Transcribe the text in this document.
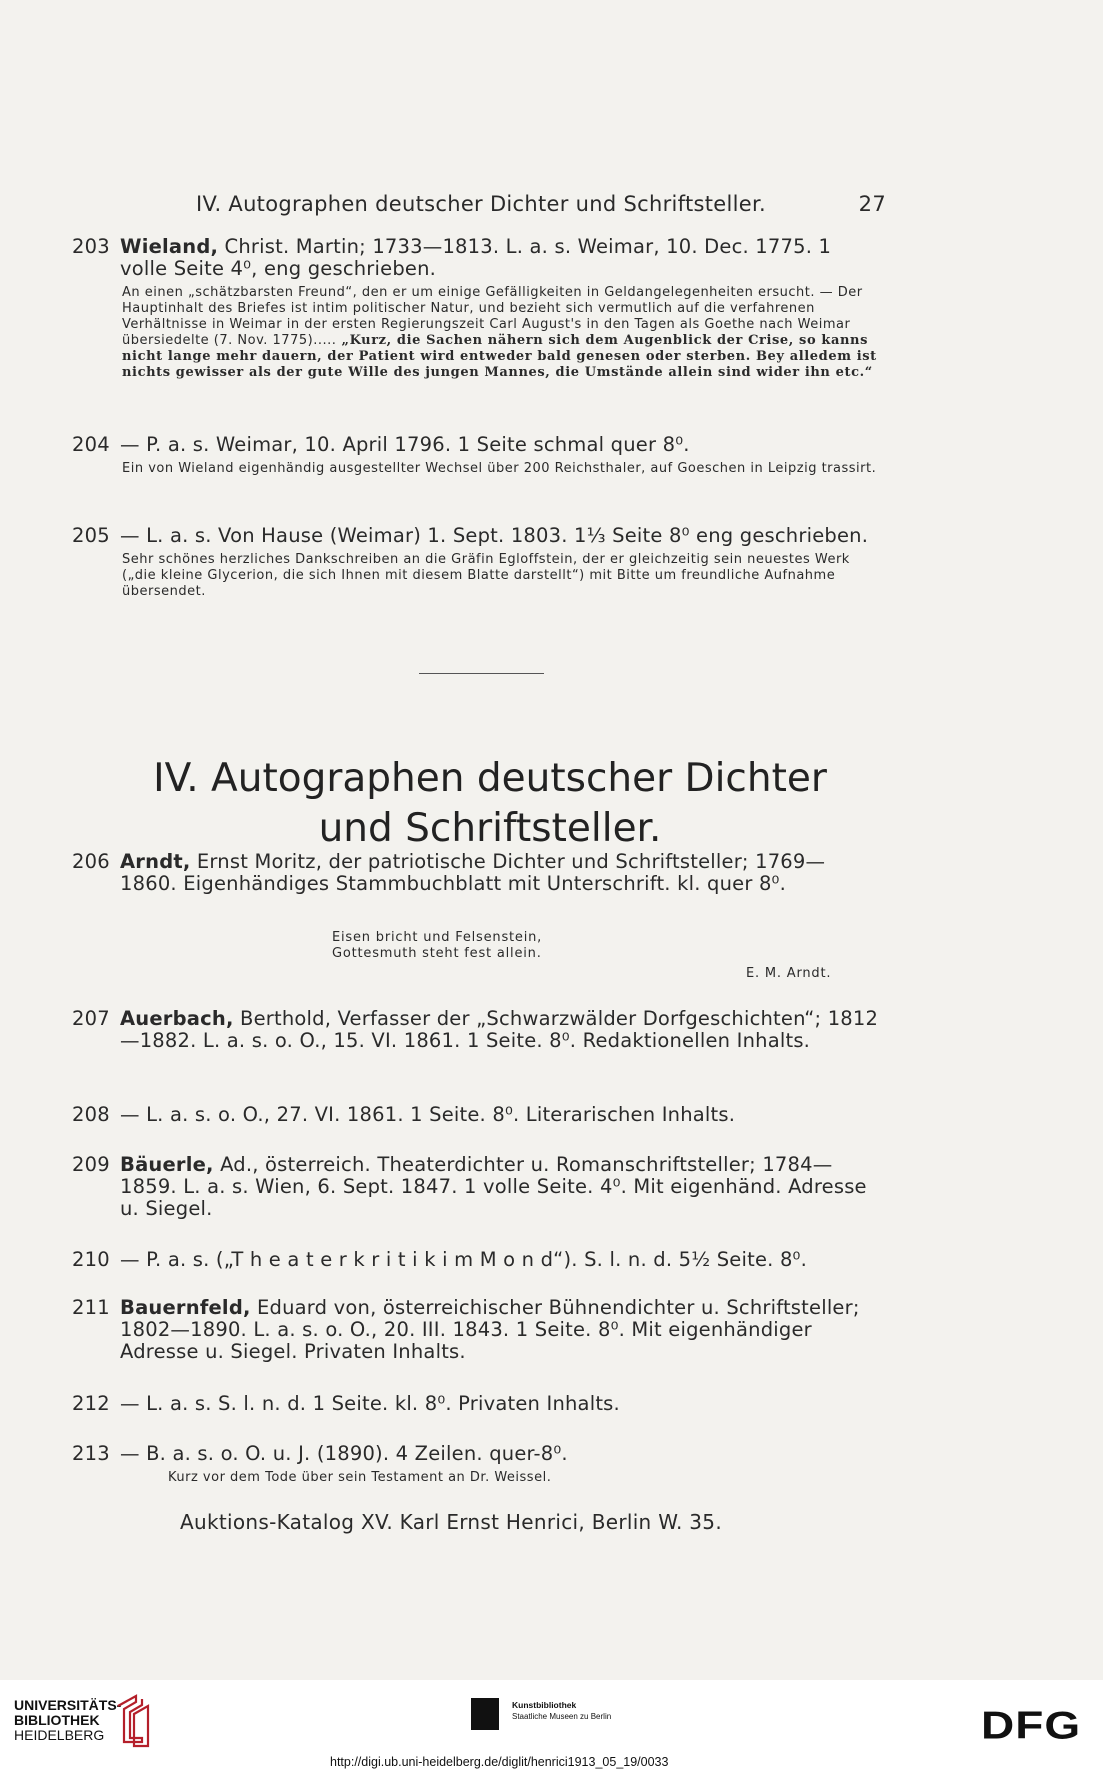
IV. Autographen deutscher Dichter und Schriftsteller.	27
203 Wieland, Christ. Martin; 1733—1813. L. a. s. Weimar, 10. Dec. 1775. 1 volle Seite 4⁰, eng geschrieben.
An einen „schätzbarsten Freund“, den er um einige Gefälligkeiten in Geldangelegenheiten ersucht. — Der Hauptinhalt des Briefes ist intim politischer Natur, und bezieht sich vermutlich auf die verfahrenen Verhältnisse in Weimar in der ersten Regierungszeit Carl August's in den Tagen als Goethe nach Weimar übersiedelte (7. Nov. 1775)..... „Kurz, die Sachen nähern sich dem Augenblick der Crise, so kanns nicht lange mehr dauern, der Patient wird entweder bald genesen oder sterben. Bey alledem ist nichts gewisser als der gute Wille des jungen Mannes, die Umstände allein sind wider ihn etc.“
204 — P. a. s. Weimar, 10. April 1796. 1 Seite schmal quer 8⁰.
Ein von Wieland eigenhändig ausgestellter Wechsel über 200 Reichsthaler, auf Goeschen in Leipzig trassirt.
205 — L. a. s. Von Hause (Weimar) 1. Sept. 1803. 1⅓ Seite 8⁰ eng geschrieben.
Sehr schönes herzliches Dankschreiben an die Gräfin Egloffstein, der er gleichzeitig sein neuestes Werk („die kleine Glycerion, die sich Ihnen mit diesem Blatte darstellt“) mit Bitte um freundliche Aufnahme übersendet.
IV. Autographen deutscher Dichter
und Schriftsteller.
206 Arndt, Ernst Moritz, der patriotische Dichter und Schriftsteller; 1769—1860. Eigenhändiges Stammbuchblatt mit Unterschrift. kl. quer 8⁰.
Eisen bricht und Felsenstein,
Gottesmuth steht fest allein.
E. M. Arndt.
207 Auerbach, Berthold, Verfasser der „Schwarzwälder Dorfgeschichten“; 1812—1882. L. a. s. o. O., 15. VI. 1861. 1 Seite. 8⁰. Redaktionellen Inhalts.
208 — L. a. s. o. O., 27. VI. 1861. 1 Seite. 8⁰. Literarischen Inhalts.
209 Bäuerle, Ad., österreich. Theaterdichter u. Romanschriftsteller; 1784—1859. L. a. s. Wien, 6. Sept. 1847. 1 volle Seite. 4⁰. Mit eigenhänd. Adresse u. Siegel.
210 — P. a. s. („T h e a t e r k r i t i k i m M o n d“). S. l. n. d. 5½ Seite. 8⁰.
211 Bauernfeld, Eduard von, österreichischer Bühnendichter u. Schriftsteller; 1802—1890. L. a. s. o. O., 20. III. 1843. 1 Seite. 8⁰. Mit eigenhändiger Adresse u. Siegel. Privaten Inhalts.
212 — L. a. s. S. l. n. d. 1 Seite. kl. 8⁰. Privaten Inhalts.
213 — B. a. s. o. O. u. J. (1890). 4 Zeilen. quer-8⁰.
Kurz vor dem Tode über sein Testament an Dr. Weissel.
Auktions-Katalog XV. Karl Ernst Henrici, Berlin W. 35.
UNIVERSITÄTS-
BIBLIOTHEK
HEIDELBERG
Kunstbibliothek
Staatliche Museen zu Berlin	DFG
http://digi.ub.uni-heidelberg.de/diglit/henrici1913_05_19/0033
